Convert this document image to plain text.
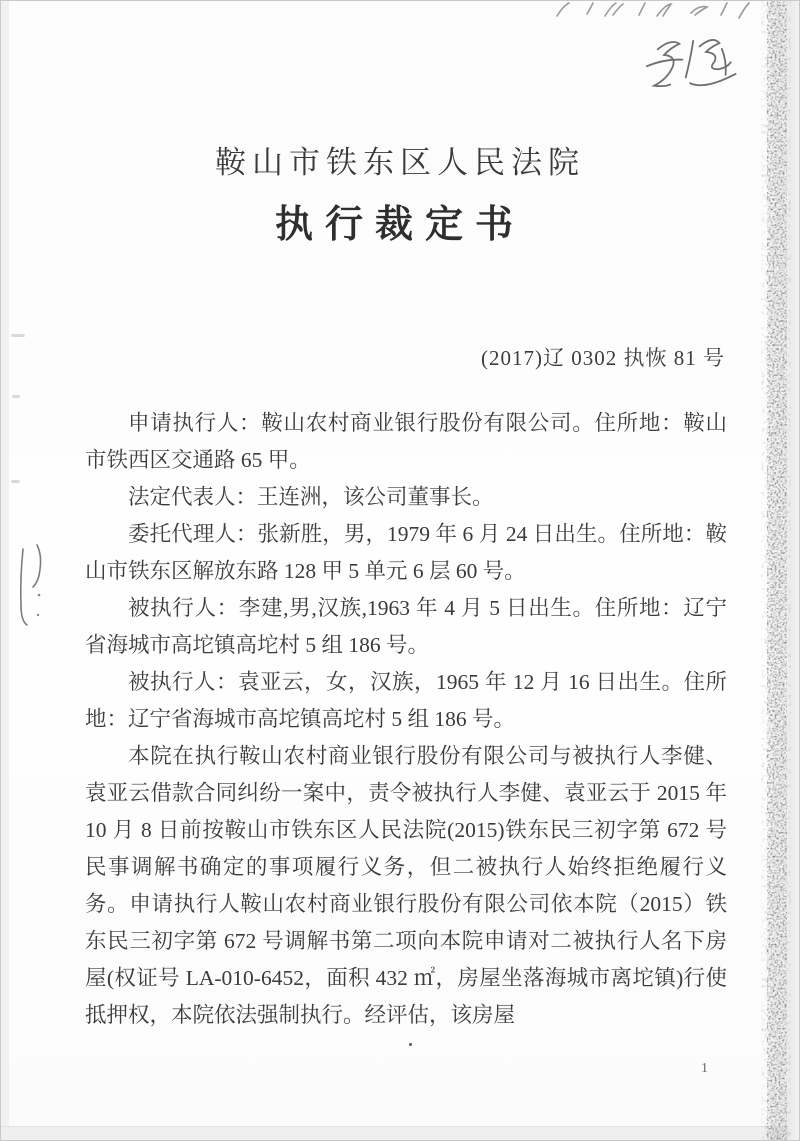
鞍山市铁东区人民法院
执行裁定书
(2017)辽 0302 执恢 81 号

申请执行人：鞍山农村商业银行股份有限公司。住所地：鞍山市铁西区交通路 65 甲。

法定代表人：王连洲，该公司董事长。

委托代理人：张新胜，男，1979 年 6 月 24 日出生。住所地：鞍山市铁东区解放东路 128 甲 5 单元 6 层 60 号。

被执行人：李建,男,汉族,1963 年 4 月 5 日出生。住所地：辽宁省海城市高坨镇高坨村 5 组 186 号。

被执行人：袁亚云，女，汉族，1965 年 12 月 16 日出生。住所地：辽宁省海城市高坨镇高坨村 5 组 186 号。

本院在执行鞍山农村商业银行股份有限公司与被执行人李健、袁亚云借款合同纠纷一案中，责令被执行人李健、袁亚云于 2015 年 10 月 8 日前按鞍山市铁东区人民法院(2015)铁东民三初字第 672 号民事调解书确定的事项履行义务，但二被执行人始终拒绝履行义务。申请执行人鞍山农村商业银行股份有限公司依本院（2015）铁东民三初字第 672 号调解书第二项向本院申请对二被执行人名下房屋(权证号 LA-010-6452，面积 432 ㎡，房屋坐落海城市离坨镇)行使抵押权，本院依法强制执行。经评估，该房屋

1
